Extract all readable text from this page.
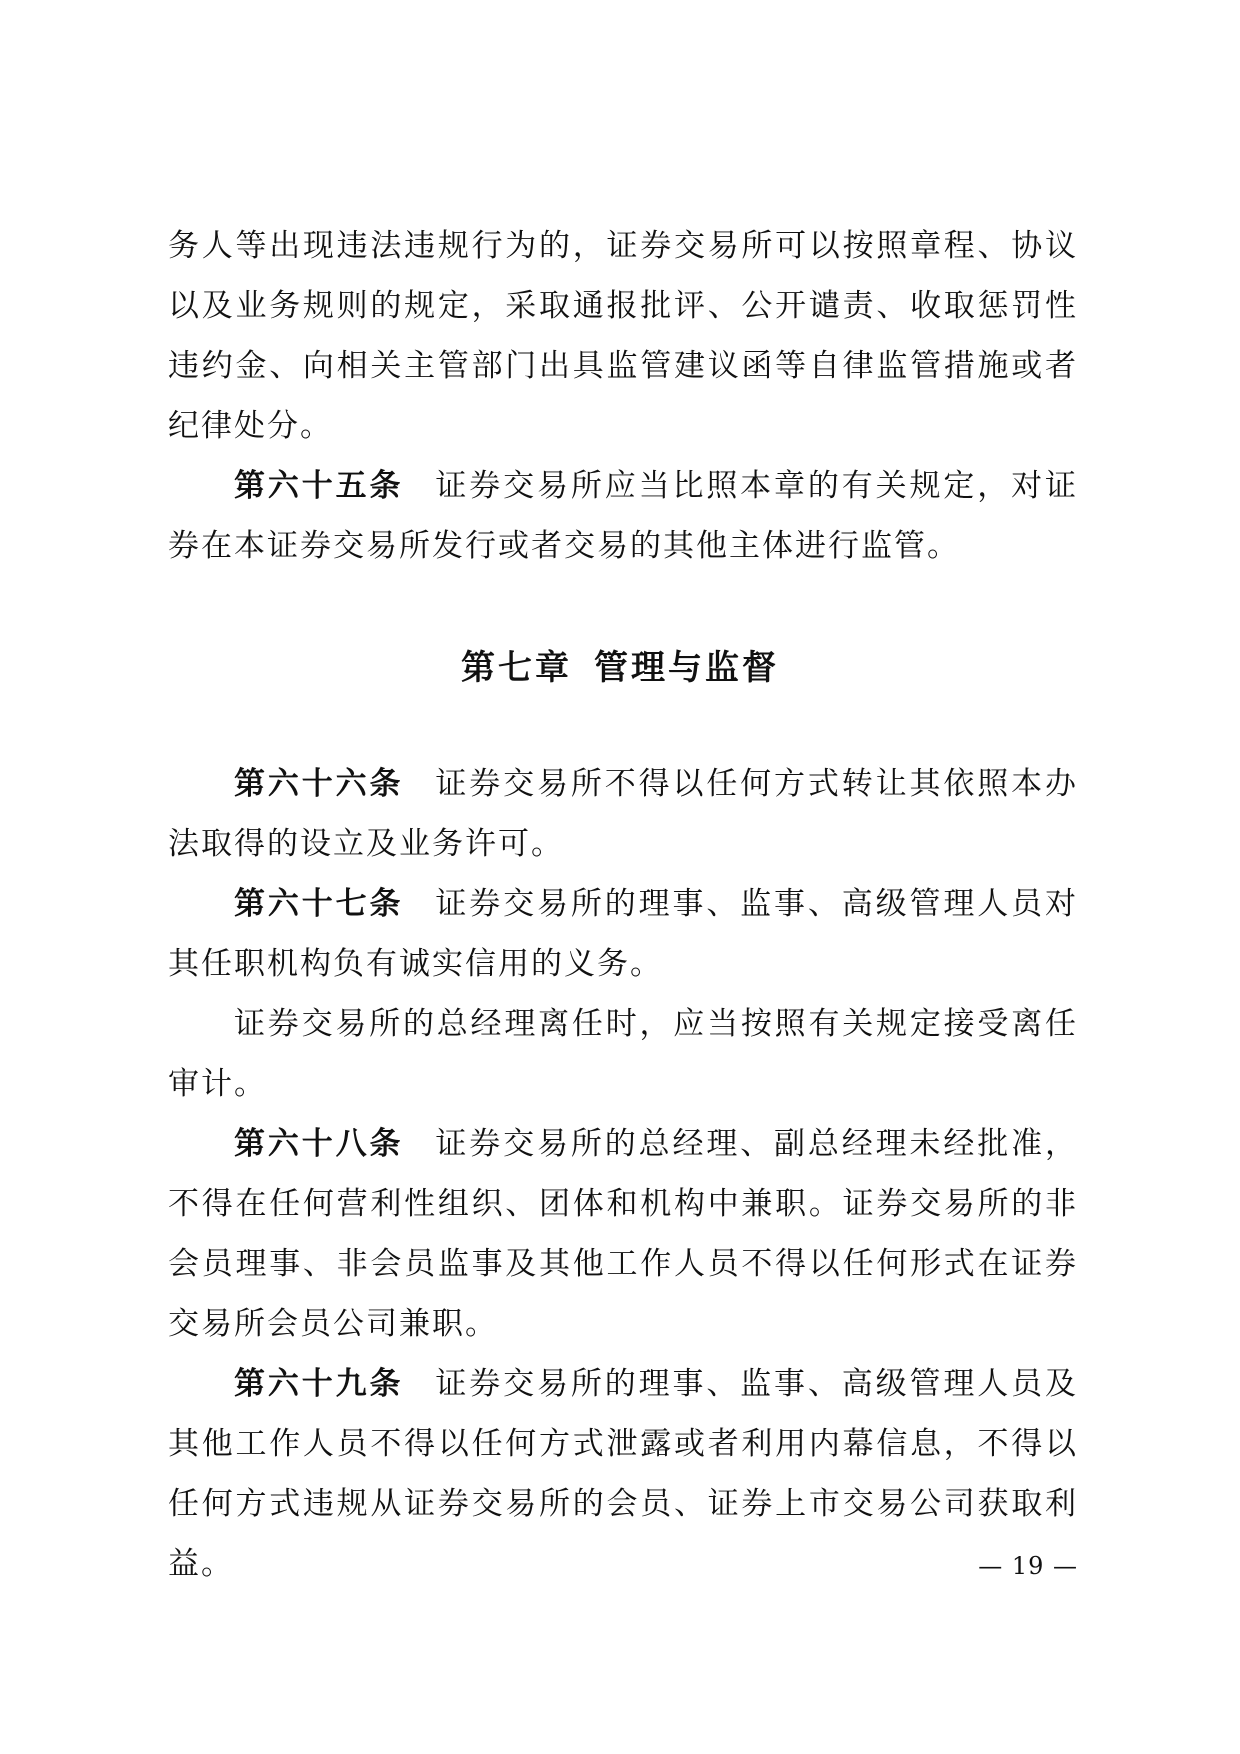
务人等出现违法违规行为的，证券交易所可以按照章程、协议以及业务规则的规定，采取通报批评、公开谴责、收取惩罚性违约金、向相关主管部门出具监管建议函等自律监管措施或者纪律处分。

第六十五条 证券交易所应当比照本章的有关规定，对证券在本证券交易所发行或者交易的其他主体进行监管。

第七章 管理与监督

第六十六条 证券交易所不得以任何方式转让其依照本办法取得的设立及业务许可。

第六十七条 证券交易所的理事、监事、高级管理人员对其任职机构负有诚实信用的义务。

证券交易所的总经理离任时，应当按照有关规定接受离任审计。

第六十八条 证券交易所的总经理、副总经理未经批准，不得在任何营利性组织、团体和机构中兼职。证券交易所的非会员理事、非会员监事及其他工作人员不得以任何形式在证券交易所会员公司兼职。

第六十九条 证券交易所的理事、监事、高级管理人员及其他工作人员不得以任何方式泄露或者利用内幕信息，不得以任何方式违规从证券交易所的会员、证券上市交易公司获取利益。	— 19 —
